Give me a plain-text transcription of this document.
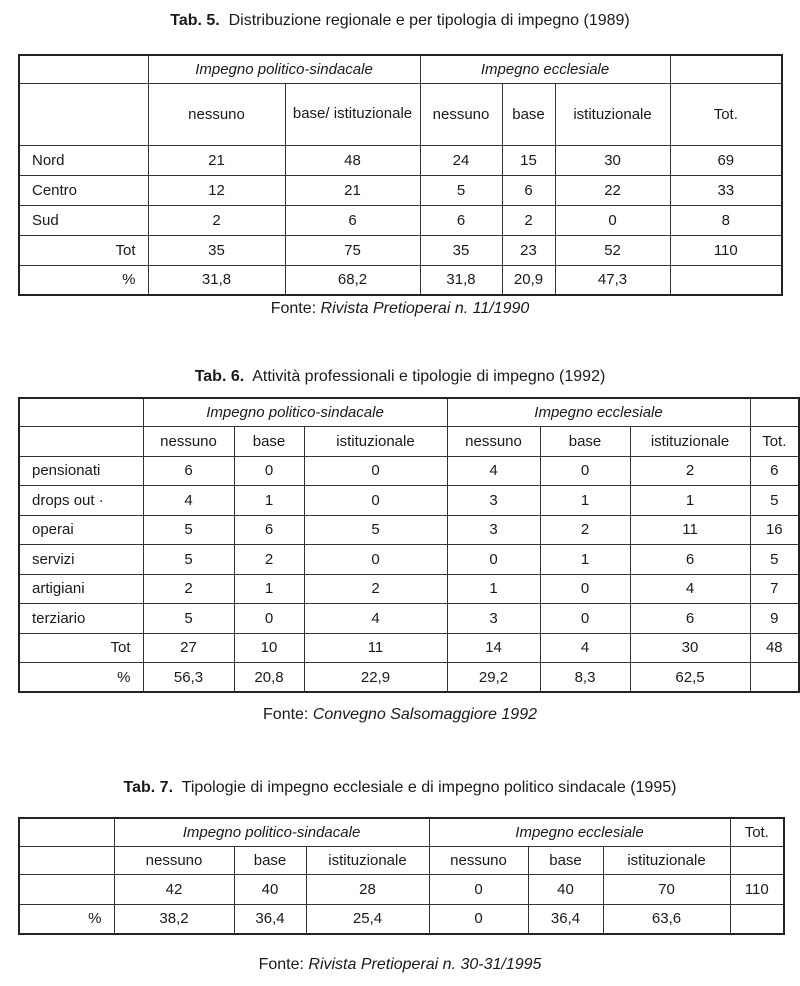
Tab. 5. Distribuzione regionale e per tipologia di impegno (1989)
	Impegno politico-sindacale		Impegno ecclesiale			
	nessuno	base/ istituzionale	nessuno	base	istituzionale	Tot.
Nord	21	48	24	15	30	69
Centro	12	21	5	6	22	33
Sud	2	6	6	2	0	8
Tot	35	75	35	23	52	110
%	31,8	68,2	31,8	20,9	47,3	
Fonte: Rivista Pretioperai n. 11/1990
Tab. 6. Attività professionali e tipologie di impegno (1992)
	Impegno politico-sindacale			Impegno ecclesiale			
	nessuno	base	istituzionale	nessuno	base	istituzionale	Tot.
pensionati	6	0	0	4	0	2	6
drops out ·	4	1	0	3	1	1	5
operai	5	6	5	3	2	11	16
servizi	5	2	0	0	1	6	5
artigiani	2	1	2	1	0	4	7
terziario	5	0	4	3	0	6	9
Tot	27	10	11	14	4	30	48
%	56,3	20,8	22,9	29,2	8,3	62,5	
Fonte: Convegno Salsomaggiore 1992
Tab. 7. Tipologie di impegno ecclesiale e di impegno politico sindacale (1995)
	Impegno politico-sindacale			Impegno ecclesiale			Tot.
	nessuno	base	istituzionale	nessuno	base	istituzionale	
	42	40	28	0	40	70	110
%	38,2	36,4	25,4	0	36,4	63,6	
Fonte: Rivista Pretioperai n. 30-31/1995
